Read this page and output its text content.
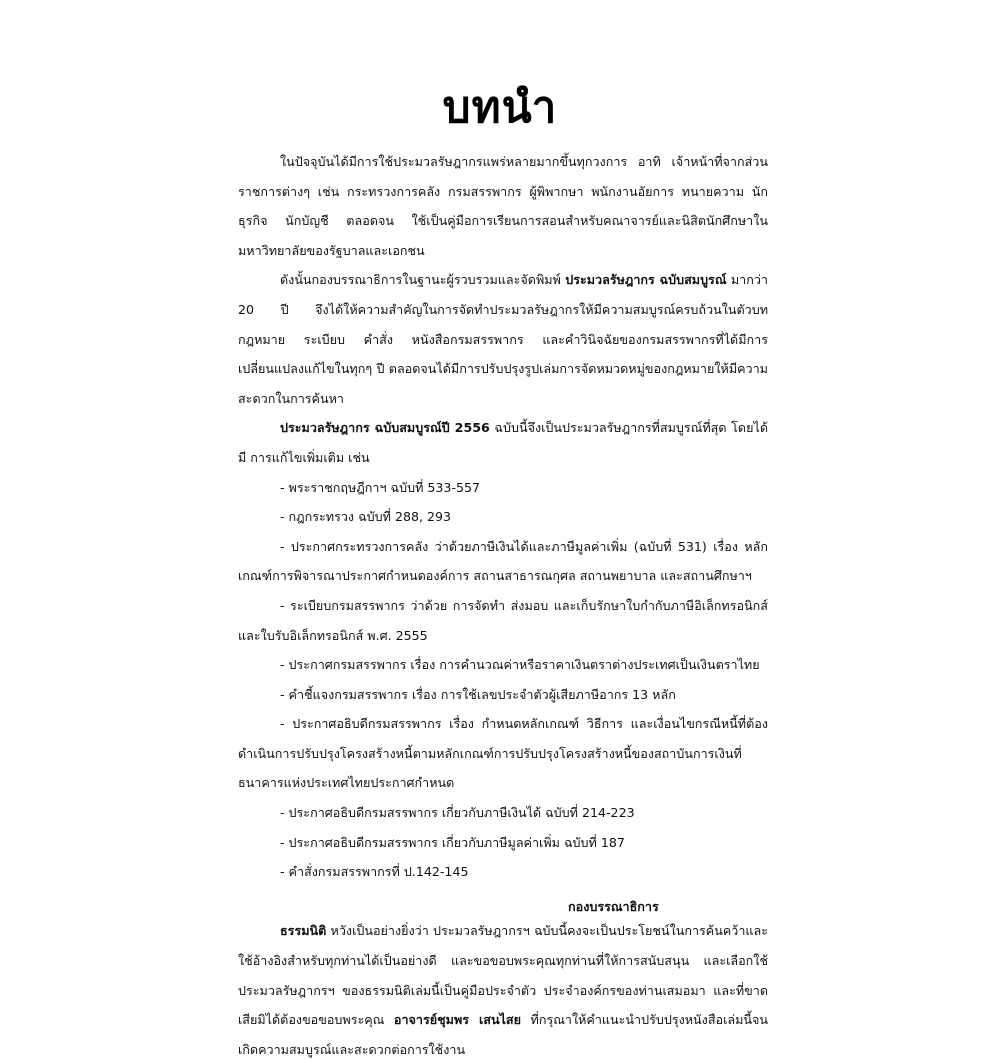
บทนำ

ในปัจจุบันได้มีการใช้ประมวลรัษฎากรแพร่หลายมากขึ้นทุกวงการ อาทิ เจ้าหน้าที่จากส่วนราชการต่างๆ เช่น กระทรวงการคลัง กรมสรรพากร ผู้พิพากษา พนักงานอัยการ ทนายความ นักธุรกิจ นักบัญชี ตลอดจน ใช้เป็นคู่มือการเรียนการสอนสำหรับคณาจารย์และนิสิตนักศึกษาในมหาวิทยาลัยของรัฐบาลและเอกชน

ดังนั้นกองบรรณาธิการในฐานะผู้รวบรวมและจัดพิมพ์ ประมวลรัษฎากร ฉบับสมบูรณ์ มากว่า 20 ปี จึงได้ให้ความสำคัญในการจัดทำประมวลรัษฎากรให้มีความสมบูรณ์ครบถ้วนในตัวบทกฎหมาย ระเบียบ คำสั่ง หนังสือกรมสรรพากร และคำวินิจฉัยของกรมสรรพากรที่ได้มีการเปลี่ยนแปลงแก้ไขในทุกๆ ปี ตลอดจนได้มีการปรับปรุงรูปเล่มการจัดหมวดหมู่ของกฎหมายให้มีความสะดวกในการค้นหา

ประมวลรัษฎากร ฉบับสมบูรณ์ปี 2556 ฉบับนี้จึงเป็นประมวลรัษฎากรที่สมบูรณ์ที่สุด โดยได้มี การแก้ไขเพิ่มเติม เช่น

- พระราชกฤษฎีกาฯ ฉบับที่ 533-557

- กฎกระทรวง ฉบับที่ 288, 293

- ประกาศกระทรวงการคลัง ว่าด้วยภาษีเงินได้และภาษีมูลค่าเพิ่ม (ฉบับที่ 531) เรื่อง หลักเกณฑ์การพิจารณาประกาศกำหนดองค์การ สถานสาธารณกุศล สถานพยาบาล และสถานศึกษาฯ

- ระเบียบกรมสรรพากร ว่าด้วย การจัดทำ ส่งมอบ และเก็บรักษาใบกำกับภาษีอิเล็กทรอนิกส์ และใบรับอิเล็กทรอนิกส์ พ.ศ. 2555

- ประกาศกรมสรรพากร เรื่อง การคำนวณค่าหรือราคาเงินตราต่างประเทศเป็นเงินตราไทย

- คำชี้แจงกรมสรรพากร เรื่อง การใช้เลขประจำตัวผู้เสียภาษีอากร 13 หลัก

- ประกาศอธิบดีกรมสรรพากร เรื่อง กำหนดหลักเกณฑ์ วิธีการ และเงื่อนไขกรณีหนี้ที่ต้องดำเนินการปรับปรุงโครงสร้างหนี้ตามหลักเกณฑ์การปรับปรุงโครงสร้างหนี้ของสถาบันการเงินที่ธนาคารแห่งประเทศไทยประกาศกำหนด

- ประกาศอธิบดีกรมสรรพากร เกี่ยวกับภาษีเงินได้ ฉบับที่ 214-223

- ประกาศอธิบดีกรมสรรพากร เกี่ยวกับภาษีมูลค่าเพิ่ม ฉบับที่ 187

- คำสั่งกรมสรรพากรที่ ป.142-145

ธรรมนิติ หวังเป็นอย่างยิ่งว่า ประมวลรัษฎากรฯ ฉบับนี้คงจะเป็นประโยชน์ในการค้นคว้าและใช้อ้างอิงสำหรับทุกท่านได้เป็นอย่างดี และขอขอบพระคุณทุกท่านที่ให้การสนับสนุน และเลือกใช้ประมวลรัษฎากรฯ ของธรรมนิติเล่มนี้เป็นคู่มือประจำตัว ประจำองค์กรของท่านเสมอมา และที่ขาดเสียมิได้ต้องขอขอบพระคุณ อาจารย์ชุมพร เสนไสย ที่กรุณาให้คำแนะนำปรับปรุงหนังสือเล่มนี้จนเกิดความสมบูรณ์และสะดวกต่อการใช้งาน

กองบรรณาธิการ
